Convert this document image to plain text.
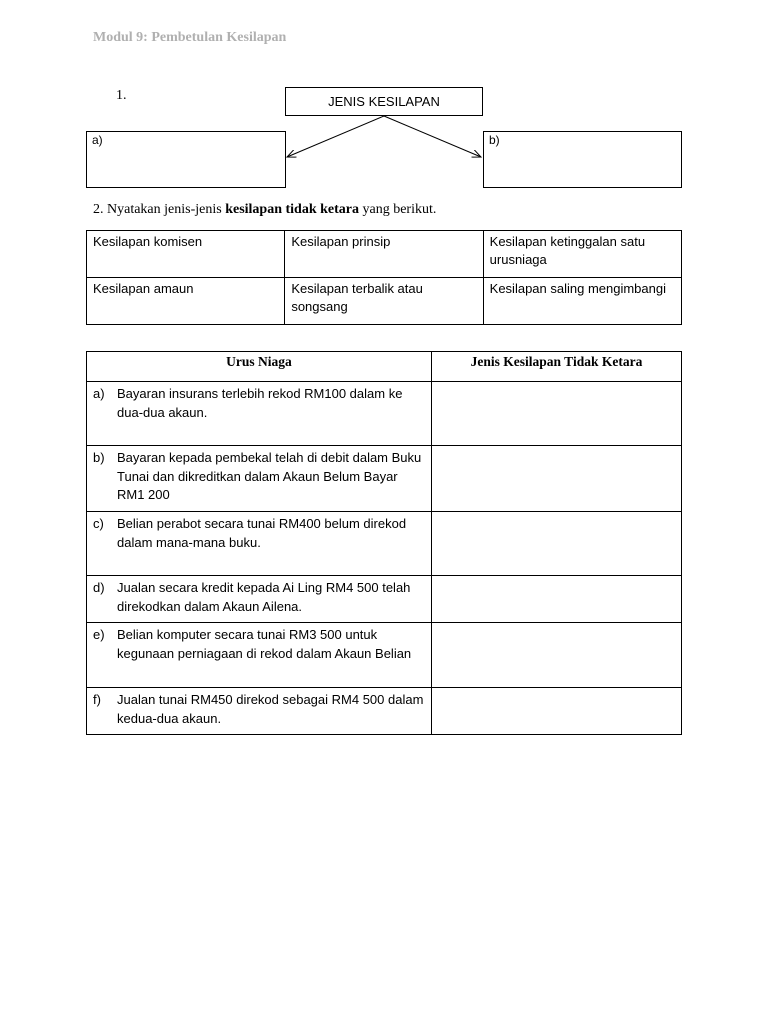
Modul 9: Pembetulan Kesilapan
1.	JENIS KESILAPAN
a)	b)
2. Nyatakan jenis-jenis kesilapan tidak ketara yang berikut.
Kesilapan komisen	Kesilapan prinsip	Kesilapan ketinggalan satu urusniaga
Kesilapan amaun	Kesilapan terbalik atau songsang	Kesilapan saling mengimbangi
Urus Niaga	Jenis Kesilapan Tidak Ketara

a) Bayaran insurans terlebih rekod RM100 dalam ke dua-dua akaun.	

b) Bayaran kepada pembekal telah di debit dalam Buku Tunai dan dikreditkan dalam Akaun Belum Bayar RM1 200	

c) Belian perabot secara tunai RM400 belum direkod dalam mana-mana buku.	

d) Jualan secara kredit kepada Ai Ling RM4 500 telah direkodkan dalam Akaun Ailena.	

e) Belian komputer secara tunai RM3 500 untuk kegunaan perniagaan di rekod dalam Akaun Belian	

f) Jualan tunai RM450 direkod sebagai RM4 500 dalam kedua-dua akaun.	
